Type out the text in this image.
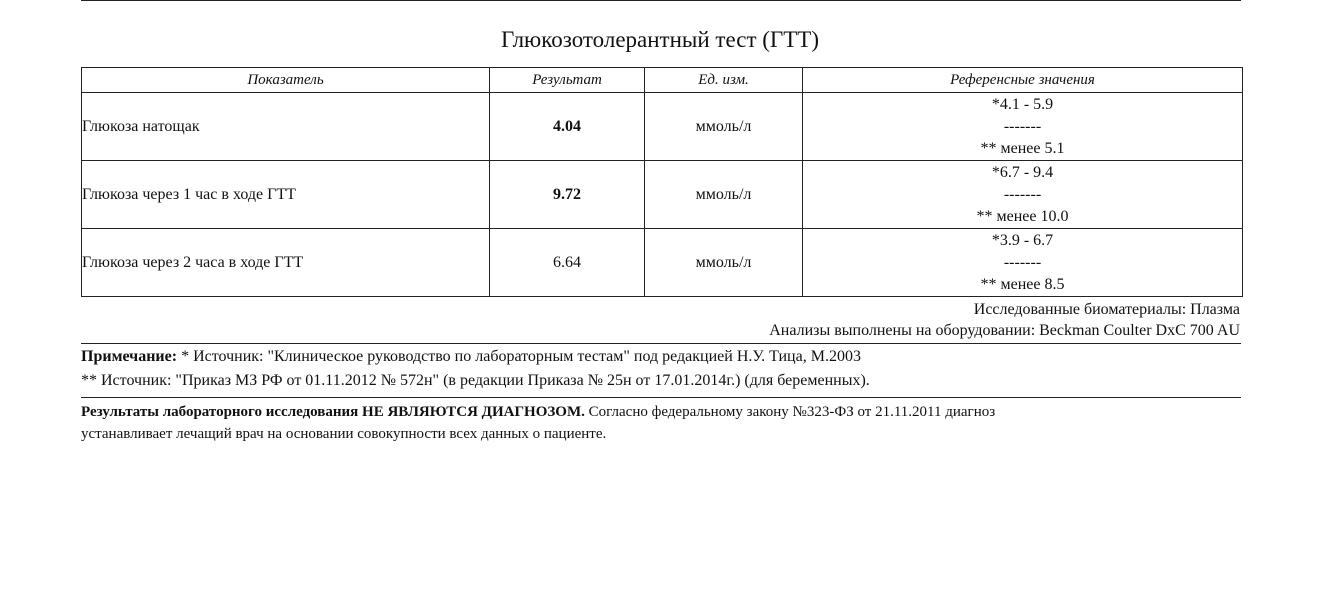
Глюкозотолерантный тест (ГТТ)
Показатель	Результат	Ед. изм.	Референсные значения
Глюкоза натощак	4.04	ммоль/л	*4.1 - 5.9
-------
** менее 5.1

Глюкоза через 1 час в ходе ГТТ	9.72	ммоль/л	*6.7 - 9.4
-------
** менее 10.0

Глюкоза через 2 часа в ходе ГТТ	6.64	ммоль/л	*3.9 - 6.7
-------
** менее 8.5
Исследованные биоматериалы: Плазма
Анализы выполнены на оборудовании: Beckman Coulter DxC 700 AU
Примечание: * Источник: "Клиническое руководство по лабораторным тестам" под редакцией Н.У. Тица, М.2003
** Источник: "Приказ МЗ РФ от 01.11.2012 № 572н" (в редакции Приказа № 25н от 17.01.2014г.) (для беременных).
Результаты лабораторного исследования НЕ ЯВЛЯЮТСЯ ДИАГНОЗОМ. Согласно федеральному закону №323-ФЗ от 21.11.2011 диагноз
устанавливает лечащий врач на основании совокупности всех данных о пациенте.
